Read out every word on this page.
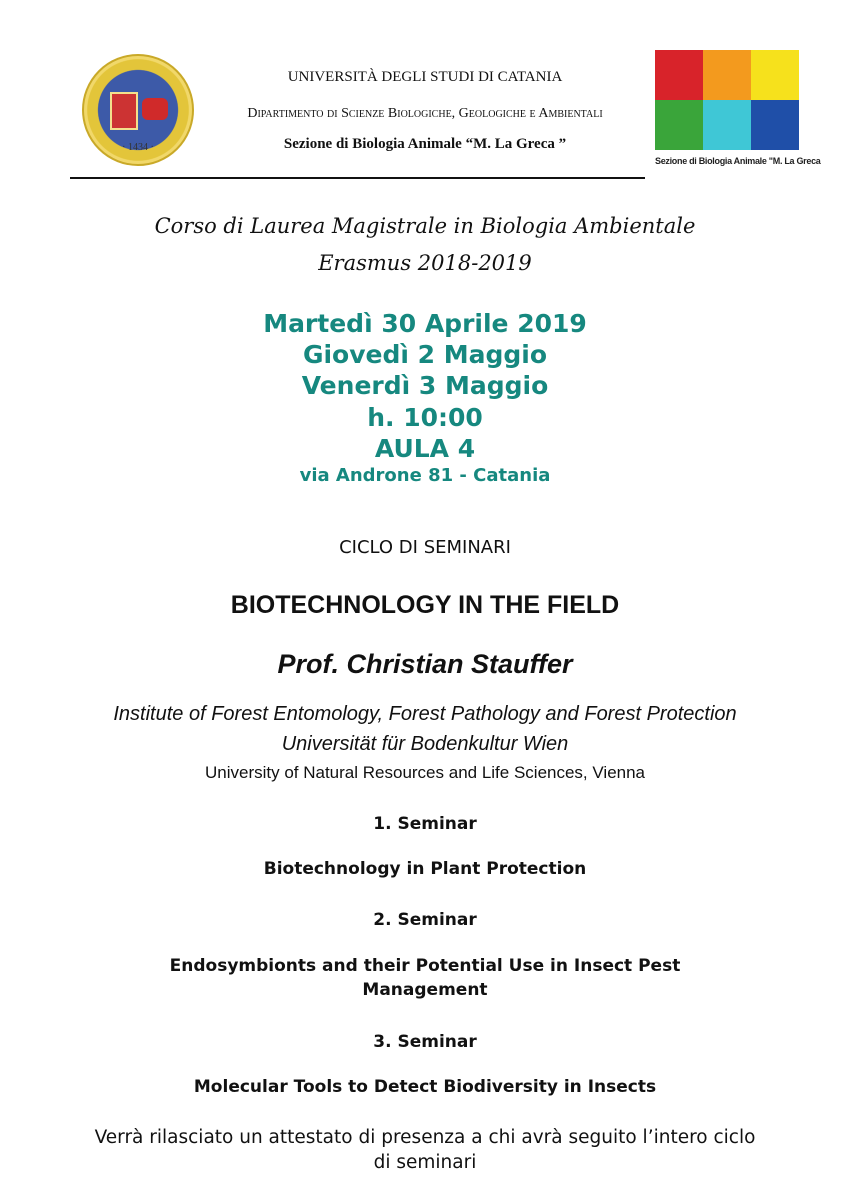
· 1434 ·
UNIVERSITÀ DEGLI STUDI DI CATANIA
Dipartimento di Scienze Biologiche, Geologiche e Ambientali
Sezione di Biologia Animale “M. La Greca ”
Sezione di Biologia Animale "M. La Greca
Corso di Laurea Magistrale in Biologia Ambientale
Erasmus 2018-2019
Martedì 30 Aprile 2019
Giovedì 2 Maggio
Venerdì 3 Maggio
h. 10:00
AULA 4
via Androne 81 - Catania
CICLO DI SEMINARI
BIOTECHNOLOGY IN THE FIELD
Prof. Christian Stauffer
Institute of Forest Entomology, Forest Pathology and Forest Protection
Universität für Bodenkultur Wien
University of Natural Resources and Life Sciences, Vienna
1. Seminar
Biotechnology in Plant Protection
2. Seminar
Endosymbionts and their Potential Use in Insect Pest
Management
3. Seminar
Molecular Tools to Detect Biodiversity in Insects
Verrà rilasciato un attestato di presenza a chi avrà seguito l’intero ciclo
di seminari
